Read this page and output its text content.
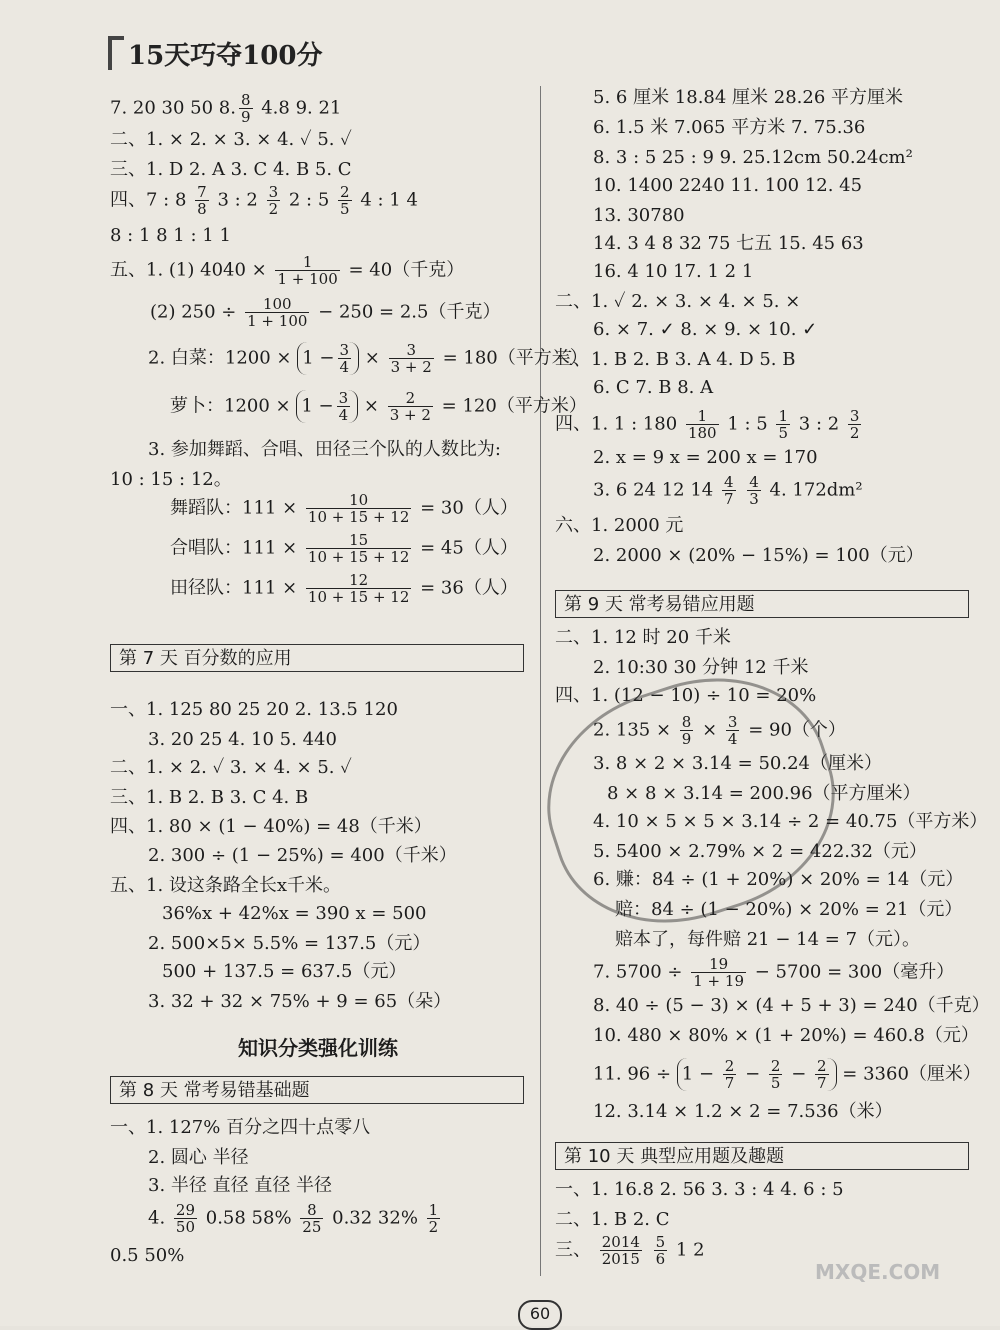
15天巧夺100分
7. 20 30 50 8. $\frac{8}{9} 4.8$ 9. 21
二、1. × 2. × 3. × 4. ✓ 5. ✓
三、1. D 2. A 3. C 4. B 5. C
四、7 : $8 \frac{7}{8} 3$ : $2 \frac{3}{2} 2$ : $5 \frac{2}{5} 4$ : 1 4
8 : 1 8 1 : 1 1
五、1. (1) $4040 \times \frac{1}{1 + 100} = 40$（千克）
(2) $250 \div \frac{100}{1 + 100} - 250 = 2.5$（千克）
2. 白菜：$1200 \times 1 - \frac{3}{4} \times \frac{3}{3 + 2} = 180$（平方米）
萝卜：$1200 \times 1 - \frac{3}{4} \times \frac{2}{3 + 2} = 120$（平方米）
3. 参加舞蹈、合唱、田径三个队的人数比为:
10 : 15 : 12。
舞蹈队：$111 \times \frac{10}{10 + 15 + 12} = 30$（人）
合唱队：$111 \times \frac{15}{10 + 15 + 12} = 45$（人）
田径队：$111 \times \frac{12}{10 + 15 + 12} = 36$（人）
第 7 天 百分数的应用
一、1. 125 80 25 20 2. 13.5 120
3. 20 25 4. 10 5. 440
二、1. × 2. ✓ 3. × 4. × 5. ✓
三、1. B 2. B 3. C 4. B
四、1. 80 × (1 − 40%) = 48（千米）
2. 300 ÷ (1 − 25%) = 400（千米）
五、1. 设这条路全长x千米。
36%x + 42%x = 390 x = 500
2. 500×5× 5.5% = 137.5（元）
500 + 137.5 = 637.5（元）
3. 32 + 32 × 75% + 9 = 65（朵）
知识分类强化训练
第 8 天 常考易错基础题
一、1. 127% 百分之四十点零八
2. 圆心 半径
3. 半径 直径 直径 半径
4. $\frac{29}{50} 0.58$ $58\% \frac{8}{25} 0.32$ $32\% \frac{1}{2}$
0.5 50%
5. 6 厘米 18.84 厘米 28.26 平方厘米
6. 1.5 米 7.065 平方米 7. 75.36
8. 3 : 5 25 : 9 9. 25.12cm 50.24cm²
10. 1400 2240 11. 100 12. 45
13. 30780
14. 3 4 8 32 75 七五 15. 45 63
16. 4 10 17. 1 2 1
二、1. ✓ 2. × 3. × 4. × 5. ×
6. × 7. ✓ 8. × 9. × 10. ✓
三、1. B 2. B 3. A 4. D 5. B
6. C 7. B 8. A
四、1. 1 : $180 \frac{1}{180} 1$ : $5 \frac{1}{5} 3$ : $2 \frac{3}{2}$
2. x = 9 x = 200 x = 170
3. 6 24 12 $14 \frac{4}{7}$
$\frac{4}{3} 4$. 172dm²
六、1. 2000 元
2. 2000 × (20% − 15%) = 100（元）
第 9 天 常考易错应用题
二、1. 12 时 20 千米
2. 10:30 30 分钟 12 千米
四、1. (12 − 10) ÷ 10 = 20%
2. $135 \times \frac{8}{9} \times \frac{3}{4} = 90$（个）
3. 8 × 2 × 3.14 = 50.24（厘米）
8 × 8 × 3.14 = 200.96（平方厘米）
4. 10 × 5 × 5 × 3.14 ÷ 2 = 40.75（平方米）
5. 5400 × 2.79% × 2 = 422.32（元）
6. 赚：84 ÷ (1 + 20%) × 20% = 14（元）
赔：84 ÷ (1 − 20%) × 20% = 21（元）
赔本了，每件赔 21 − 14 = 7（元）。
7. $5700 \div \frac{19}{1 + 19} - 5700 = 300$（毫升）
8. 40 ÷ (5 − 3) × (4 + 5 + 3) = 240（千克）
10. 480 × 80% × (1 + 20%) = 460.8（元）
11. $96 \div 1 - \frac{2}{7} - \frac{2}{5} - \frac{2}{7} = 3360$（厘米）
12. 3.14 × 1.2 × 2 = 7.536（米）
第 10 天 典型应用题及趣题
一、1. 16.8 2. 56 3. 3 : 4 4. 6 : 5
二、1. B 2. C
三、 $\frac{2014}{2015}$
$\frac{5}{6} 1$ 2
60
MXQE.COM
